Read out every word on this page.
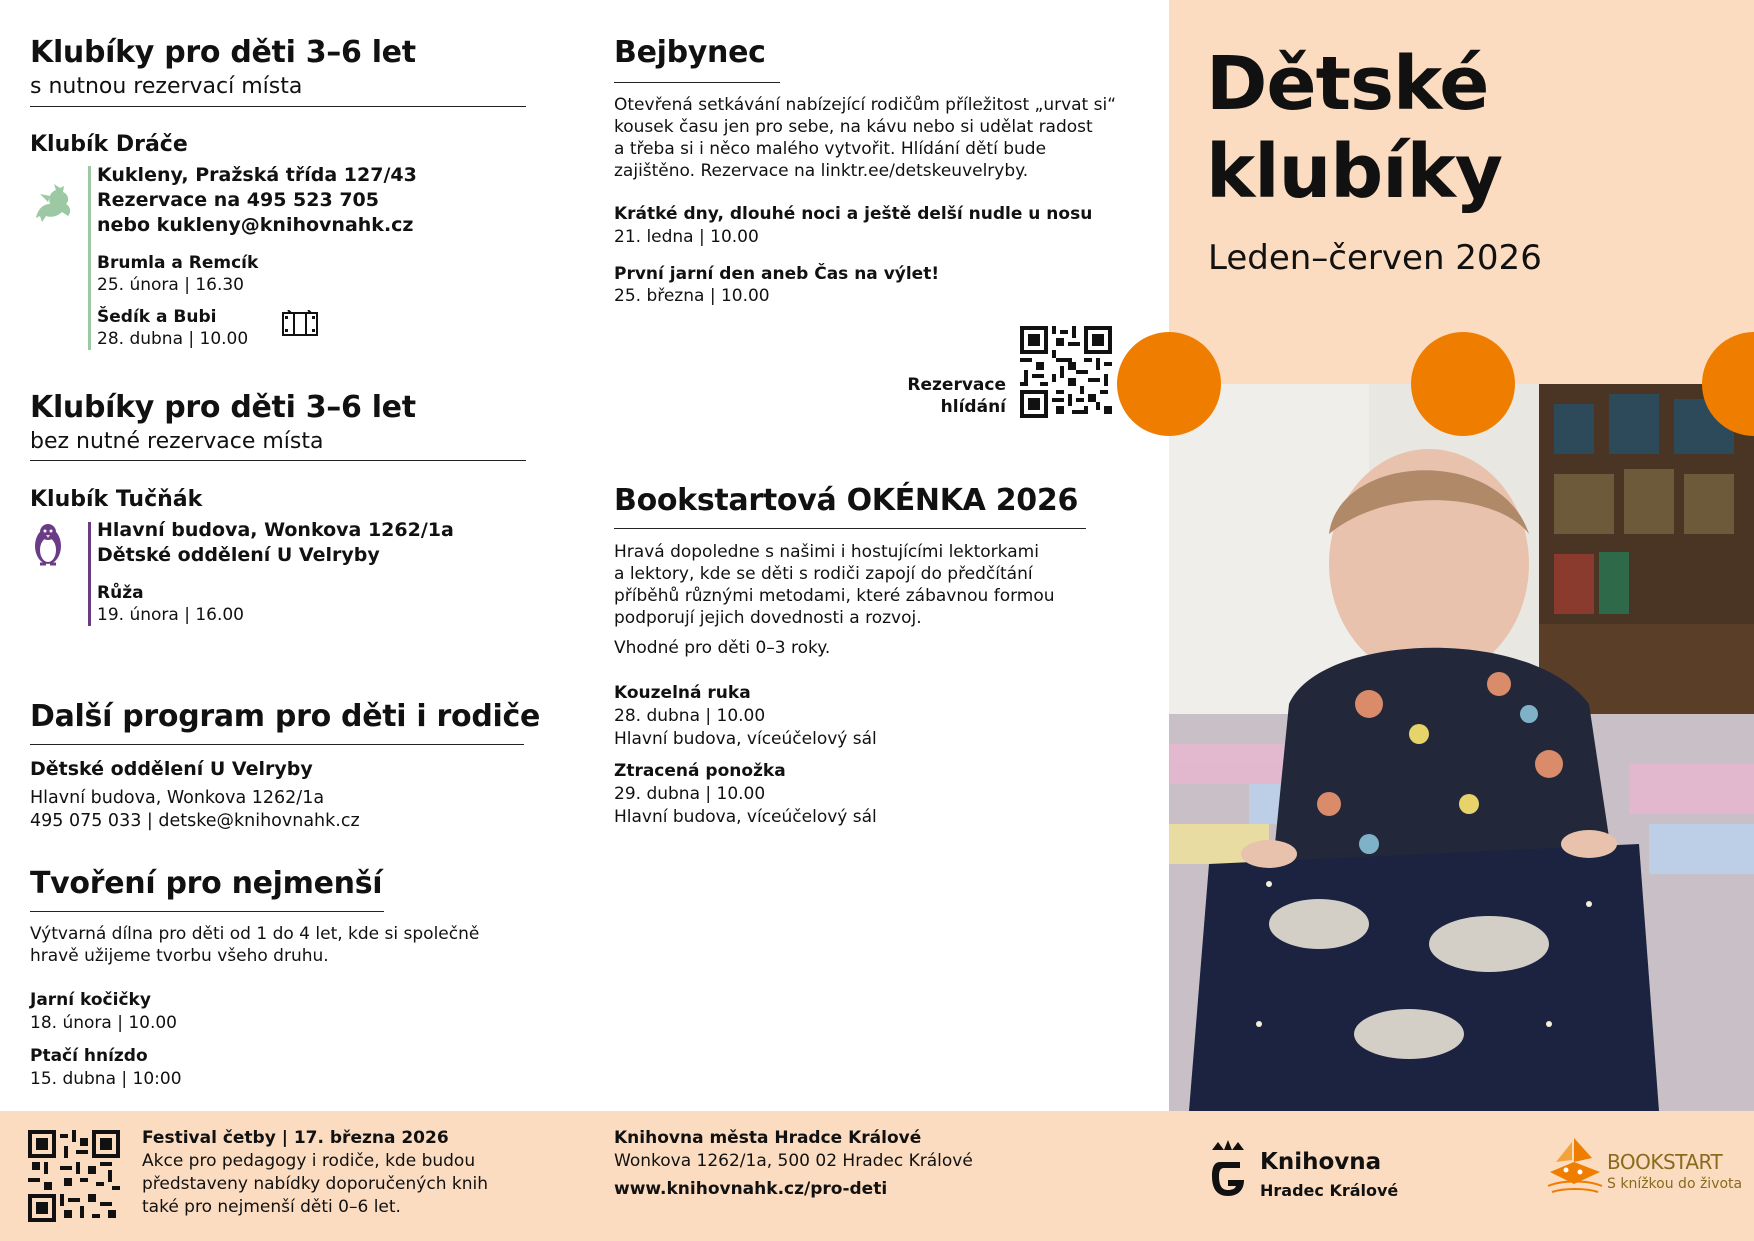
Klubíky pro děti 3–6 let
s nutnou rezervací místa
Klubík Dráče
Kukleny, Pražská třída 127/43
Rezervace na 495 523 705
nebo kukleny@knihovnahk.cz
Brumla a Remcík
25. února | 16.30
Šedík a Bubi
28. dubna | 10.00
Klubíky pro děti 3–6 let
bez nutné rezervace místa
Klubík Tučňák
Hlavní budova, Wonkova 1262/1a
Dětské oddělení U Velryby
Růža
19. února | 16.00
Další program pro děti i rodiče
Dětské oddělení U Velryby
Hlavní budova, Wonkova 1262/1a
495 075 033 | detske@knihovnahk.cz
Tvoření pro nejmenší
Výtvarná dílna pro děti od 1 do 4 let, kde si společně
hravě užijeme tvorbu všeho druhu.
Jarní kočičky
18. února | 10.00
Ptačí hnízdo
15. dubna | 10:00
Bejbynec
Otevřená setkávání nabízející rodičům příležitost „urvat si“
kousek času jen pro sebe, na kávu nebo si udělat radost
a třeba si i něco malého vytvořit. Hlídání dětí bude
zajištěno. Rezervace na linktr.ee/detskeuvelryby.
Krátké dny, dlouhé noci a ještě delší nudle u nosu
21. ledna | 10.00
První jarní den aneb Čas na výlet!
25. března | 10.00
Rezervace
hlídání
Bookstartová OKÉNKA 2026
Hravá dopoledne s našimi i hostujícími lektorkami
a lektory, kde se děti s rodiči zapojí do předčítání
příběhů různými metodami, které zábavnou formou
podporují jejich dovednosti a rozvoj.
Vhodné pro děti 0–3 roky.
Kouzelná ruka
28. dubna | 10.00
Hlavní budova, víceúčelový sál
Ztracená ponožka
29. dubna | 10.00
Hlavní budova, víceúčelový sál
Dětské
klubíky
Leden–červen 2026
Festival četby | 17. března 2026
Akce pro pedagogy i rodiče, kde budou
představeny nabídky doporučených knih
také pro nejmenší děti 0–6 let.
Knihovna města Hradce Králové
Wonkova 1262/1a, 500 02 Hradec Králové
www.knihovnahk.cz/pro-deti
Knihovna
Hradec Králové
BOOKSTART
S knížkou do života
